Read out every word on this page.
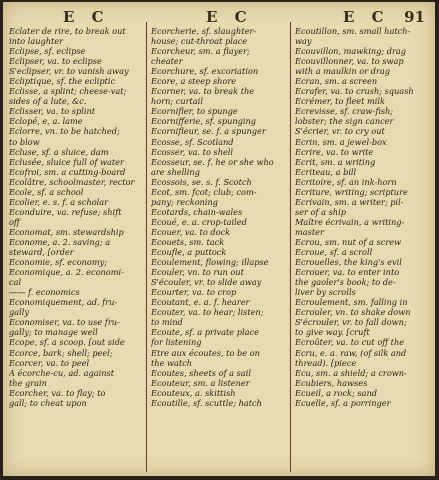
E C	E C	E C 91
Eclater de rire, to break out
into laughter
Eclipse, sf. eclipse
Eclipser, va. to eclipse
S'eclipser, vr. to vanish away
Ecliptique, sf. the ecliptic
Eclisse, a splint; cheese-vat;
sides of a lute, &c.
Eclisser, va. to splint
Eclopé, e, a. lame
Eclorre, vn. to be hatched;
to blow
Ecluse, sf. a sluice, dam
Eclusée, sluice full of water
Ecofroi, sm. a cutting-board
Ecolâtre, schoolmaster, rector
Ecole, sf. a school
Ecolier, e. s. f. a scholar
Econduire, va. refuse; shift
off
Economat, sm. stewardship
Econome, a. 2. saving; a
steward, [order
Economie, sf. economy;
Economique, a. 2. economi-
cal
—— f. economics
Economiquement, ad. fru-
gally
Economiser, va. to use fru-
gally; to manage well
Ecope, sf. a scoop. [out side
Ecorce, bark; shell; peel;
Ecorcer, va. to peel
A écorche-cu, ad. against
the grain
Ecorcher, va. to flay; to
gall; to cheat upon
Ecorcherie, sf. slaughter-
house; cut-throat place
Ecorcheur, sm. a flayer;
cheater
Ecorchure, sf. excoriation
Ecore, a steep shore
Ecorner, va. to break the
horn; curtail
Ecornifler, to spunge
Ecornifferie, sf. spunging
Ecornifleur, se. f. a spunger
Ecosse, sf. Scotland
Ecosser, va. to shell
Ecosseur, se. f. he or she who
are shelling
Ecossois, se. s. f. Scotch
Ecot, sm. fcot; club; com-
pany; reckoning
Ecotards, chain-wales
Ecoué, e. a. crop-tailed
Ecouer, va. to dock
Ecouets, sm. tack
Ecoufle, a puttock
Ecoulement, flowing; illapse
Ecouler, vn. to run out
S'écouler, vr. to slide away
Ecourter, va. to crop
Ecoutant, e. a. f. hearer
Ecouter, va. to hear; listen;
to mind
Ecoute, sf. a private place
for listening
Etre aux écoutes, to be on
the watch
Ecoutes, sheets of a sail
Ecouteur, sm. a listener
Ecouteux, a. skittish
Ecoutille, sf. scuttle; hatch
Ecoutillon, sm. small hatch-
way
Ecouvillon, mawking; drag
Ecouvillonner, va. to swap
with a maulkin or drag
Ecran, sm. a screen
Ecrafer, va. to crush; squash
Ecrémer, to fleet milk
Ecrevisse, sf. craw-fish;
lobster; the sign cancer
S'écrier, vr. to cry out
Ecrin, sm. a jewel-box
Ecrire, va. to write
Ecrit, sm. a writing
Ecriteau, a bill
Ecritoire, sf. an ink-horn
Ecriture, writing; scripture
Ecrivain, sm. a writer; pil-
ser of a ship
Maître écrivain, a writing-
master
Ecrou, sm. nut of a screw
Ecroue, sf. a scroll
Ecrouelles, the king's evil
Ecrouer, va. to enter into
the gaoler's book; to de-
liver by scrolls
Ecroulement, sm. falling in
Ecrouler, vn. to shake down
S'écrouler, vr. to fall down;
to give way. [cruft
Ecroûter, va. to cut off the
Ecru, e. a. raw, (of silk and
thread). [piece
Ecu, sm. a shield; a crown-
Ecubiers, hawses
Ecueil, a rock; sand
Ecuelle, sf. a porringer
